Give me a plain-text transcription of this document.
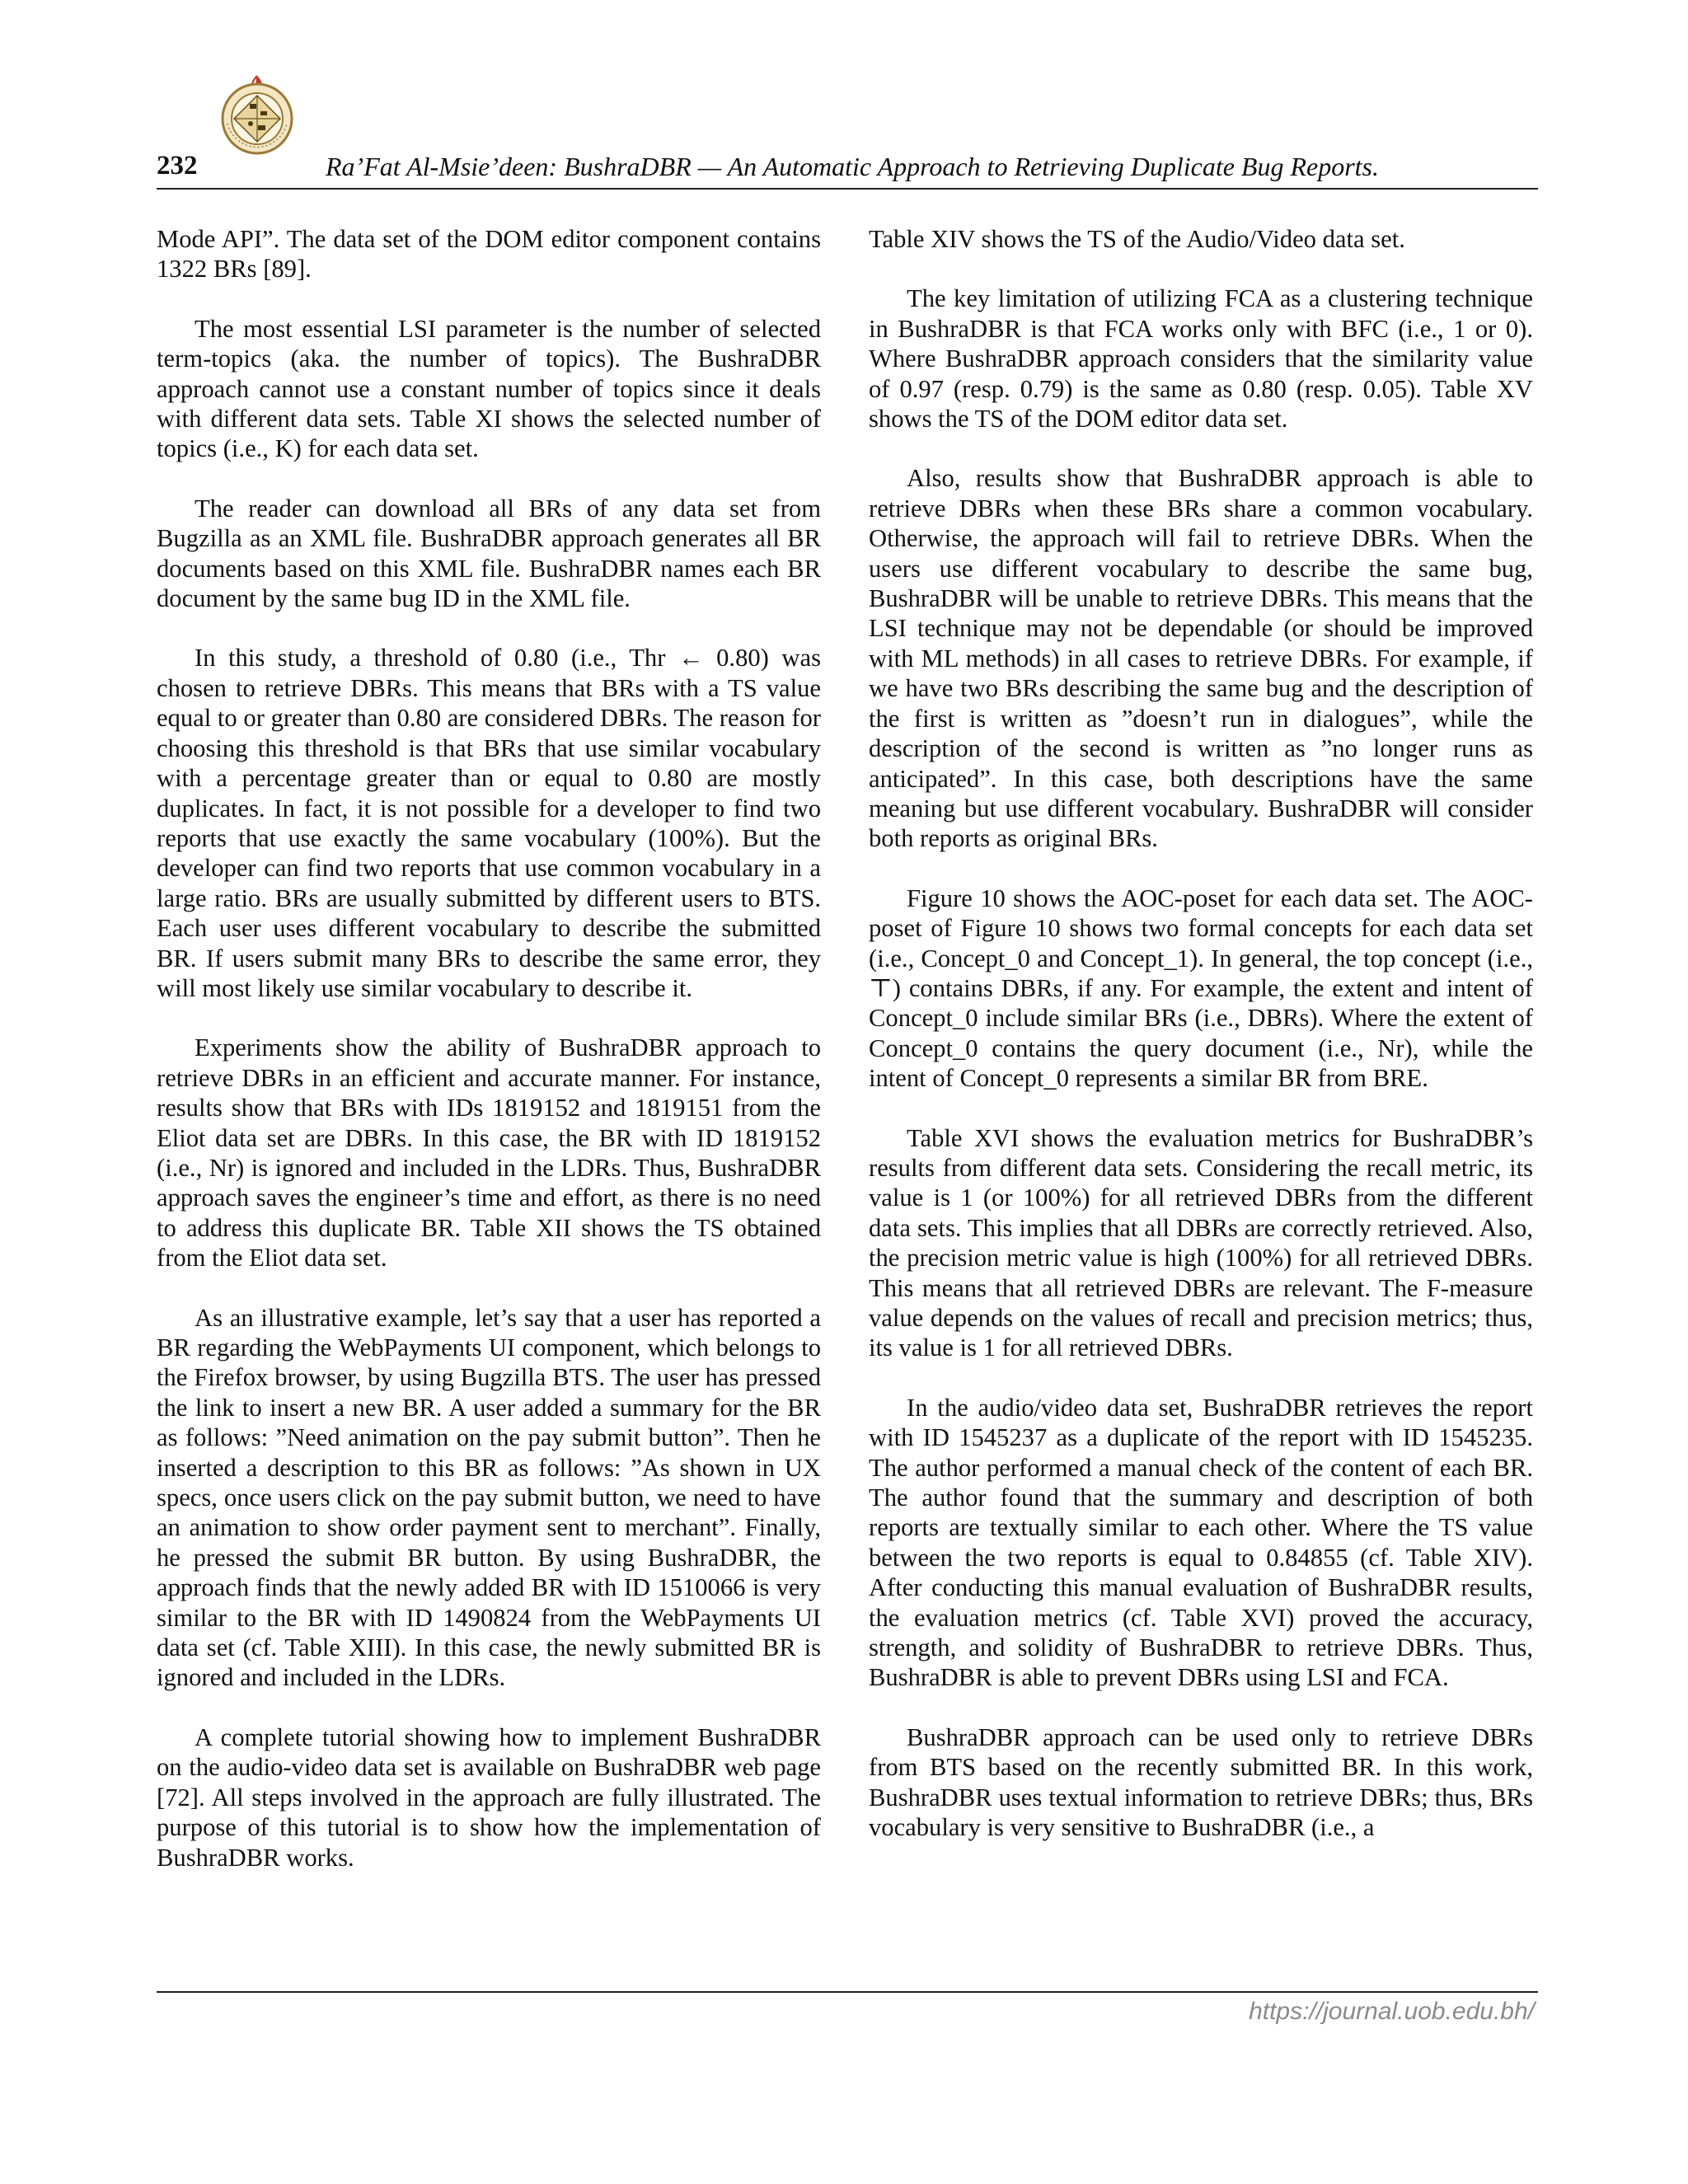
232	Ra’Fat Al-Msie’deen: BushraDBR — An Automatic Approach to Retrieving Duplicate Bug Reports.

Mode API”. The data set of the DOM editor component contains 1322 BRs [89].

The most essential LSI parameter is the number of selected term-topics (aka. the number of topics). The BushraDBR approach cannot use a constant number of topics since it deals with different data sets. Table XI shows the selected number of topics (i.e., K) for each data set.

The reader can download all BRs of any data set from Bugzilla as an XML file. BushraDBR approach generates all BR documents based on this XML file. BushraDBR names each BR document by the same bug ID in the XML file.

In this study, a threshold of 0.80 (i.e., Thr ← 0.80) was chosen to retrieve DBRs. This means that BRs with a TS value equal to or greater than 0.80 are considered DBRs. The reason for choosing this threshold is that BRs that use similar vocabulary with a percentage greater than or equal to 0.80 are mostly duplicates. In fact, it is not possible for a developer to find two reports that use exactly the same vocabulary (100%). But the developer can find two reports that use common vocabulary in a large ratio. BRs are usually submitted by different users to BTS. Each user uses different vocabulary to describe the submitted BR. If users submit many BRs to describe the same error, they will most likely use similar vocabulary to describe it.

Experiments show the ability of BushraDBR approach to retrieve DBRs in an efficient and accurate manner. For instance, results show that BRs with IDs 1819152 and 1819151 from the Eliot data set are DBRs. In this case, the BR with ID 1819152 (i.e., Nr) is ignored and included in the LDRs. Thus, BushraDBR approach saves the engineer’s time and effort, as there is no need to address this duplicate BR. Table XII shows the TS obtained from the Eliot data set.

As an illustrative example, let’s say that a user has reported a BR regarding the WebPayments UI component, which belongs to the Firefox browser, by using Bugzilla BTS. The user has pressed the link to insert a new BR. A user added a summary for the BR as follows: ”Need animation on the pay submit button”. Then he inserted a description to this BR as follows: ”As shown in UX specs, once users click on the pay submit button, we need to have an animation to show order payment sent to merchant”. Finally, he pressed the submit BR button. By using BushraDBR, the approach finds that the newly added BR with ID 1510066 is very similar to the BR with ID 1490824 from the WebPayments UI data set (cf. Table XIII). In this case, the newly submitted BR is ignored and included in the LDRs.

A complete tutorial showing how to implement BushraDBR on the audio-video data set is available on BushraDBR web page [72]. All steps involved in the approach are fully illustrated. The purpose of this tutorial is to show how the implementation of BushraDBR works.

Table XIV shows the TS of the Audio/Video data set.

The key limitation of utilizing FCA as a clustering technique in BushraDBR is that FCA works only with BFC (i.e., 1 or 0). Where BushraDBR approach considers that the similarity value of 0.97 (resp. 0.79) is the same as 0.80 (resp. 0.05). Table XV shows the TS of the DOM editor data set.

Also, results show that BushraDBR approach is able to retrieve DBRs when these BRs share a common vocabulary. Otherwise, the approach will fail to retrieve DBRs. When the users use different vocabulary to describe the same bug, BushraDBR will be unable to retrieve DBRs. This means that the LSI technique may not be dependable (or should be improved with ML methods) in all cases to retrieve DBRs. For example, if we have two BRs describing the same bug and the description of the first is written as ”doesn’t run in dialogues”, while the description of the second is written as ”no longer runs as anticipated”. In this case, both descriptions have the same meaning but use different vocabulary. BushraDBR will consider both reports as original BRs.

Figure 10 shows the AOC-poset for each data set. The AOC-poset of Figure 10 shows two formal concepts for each data set (i.e., Concept_0 and Concept_1). In general, the top concept (i.e., ⊤) contains DBRs, if any. For example, the extent and intent of Concept_0 include similar BRs (i.e., DBRs). Where the extent of Concept_0 contains the query document (i.e., Nr), while the intent of Concept_0 represents a similar BR from BRE.

Table XVI shows the evaluation metrics for BushraDBR’s results from different data sets. Considering the recall metric, its value is 1 (or 100%) for all retrieved DBRs from the different data sets. This implies that all DBRs are correctly retrieved. Also, the precision metric value is high (100%) for all retrieved DBRs. This means that all retrieved DBRs are relevant. The F-measure value depends on the values of recall and precision metrics; thus, its value is 1 for all retrieved DBRs.

In the audio/video data set, BushraDBR retrieves the report with ID 1545237 as a duplicate of the report with ID 1545235. The author performed a manual check of the content of each BR. The author found that the summary and description of both reports are textually similar to each other. Where the TS value between the two reports is equal to 0.84855 (cf. Table XIV). After conducting this manual evaluation of BushraDBR results, the evaluation metrics (cf. Table XVI) proved the accuracy, strength, and solidity of BushraDBR to retrieve DBRs. Thus, BushraDBR is able to prevent DBRs using LSI and FCA.

BushraDBR approach can be used only to retrieve DBRs from BTS based on the recently submitted BR. In this work, BushraDBR uses textual information to retrieve DBRs; thus, BRs vocabulary is very sensitive to BushraDBR (i.e., a

https://journal.uob.edu.bh/
